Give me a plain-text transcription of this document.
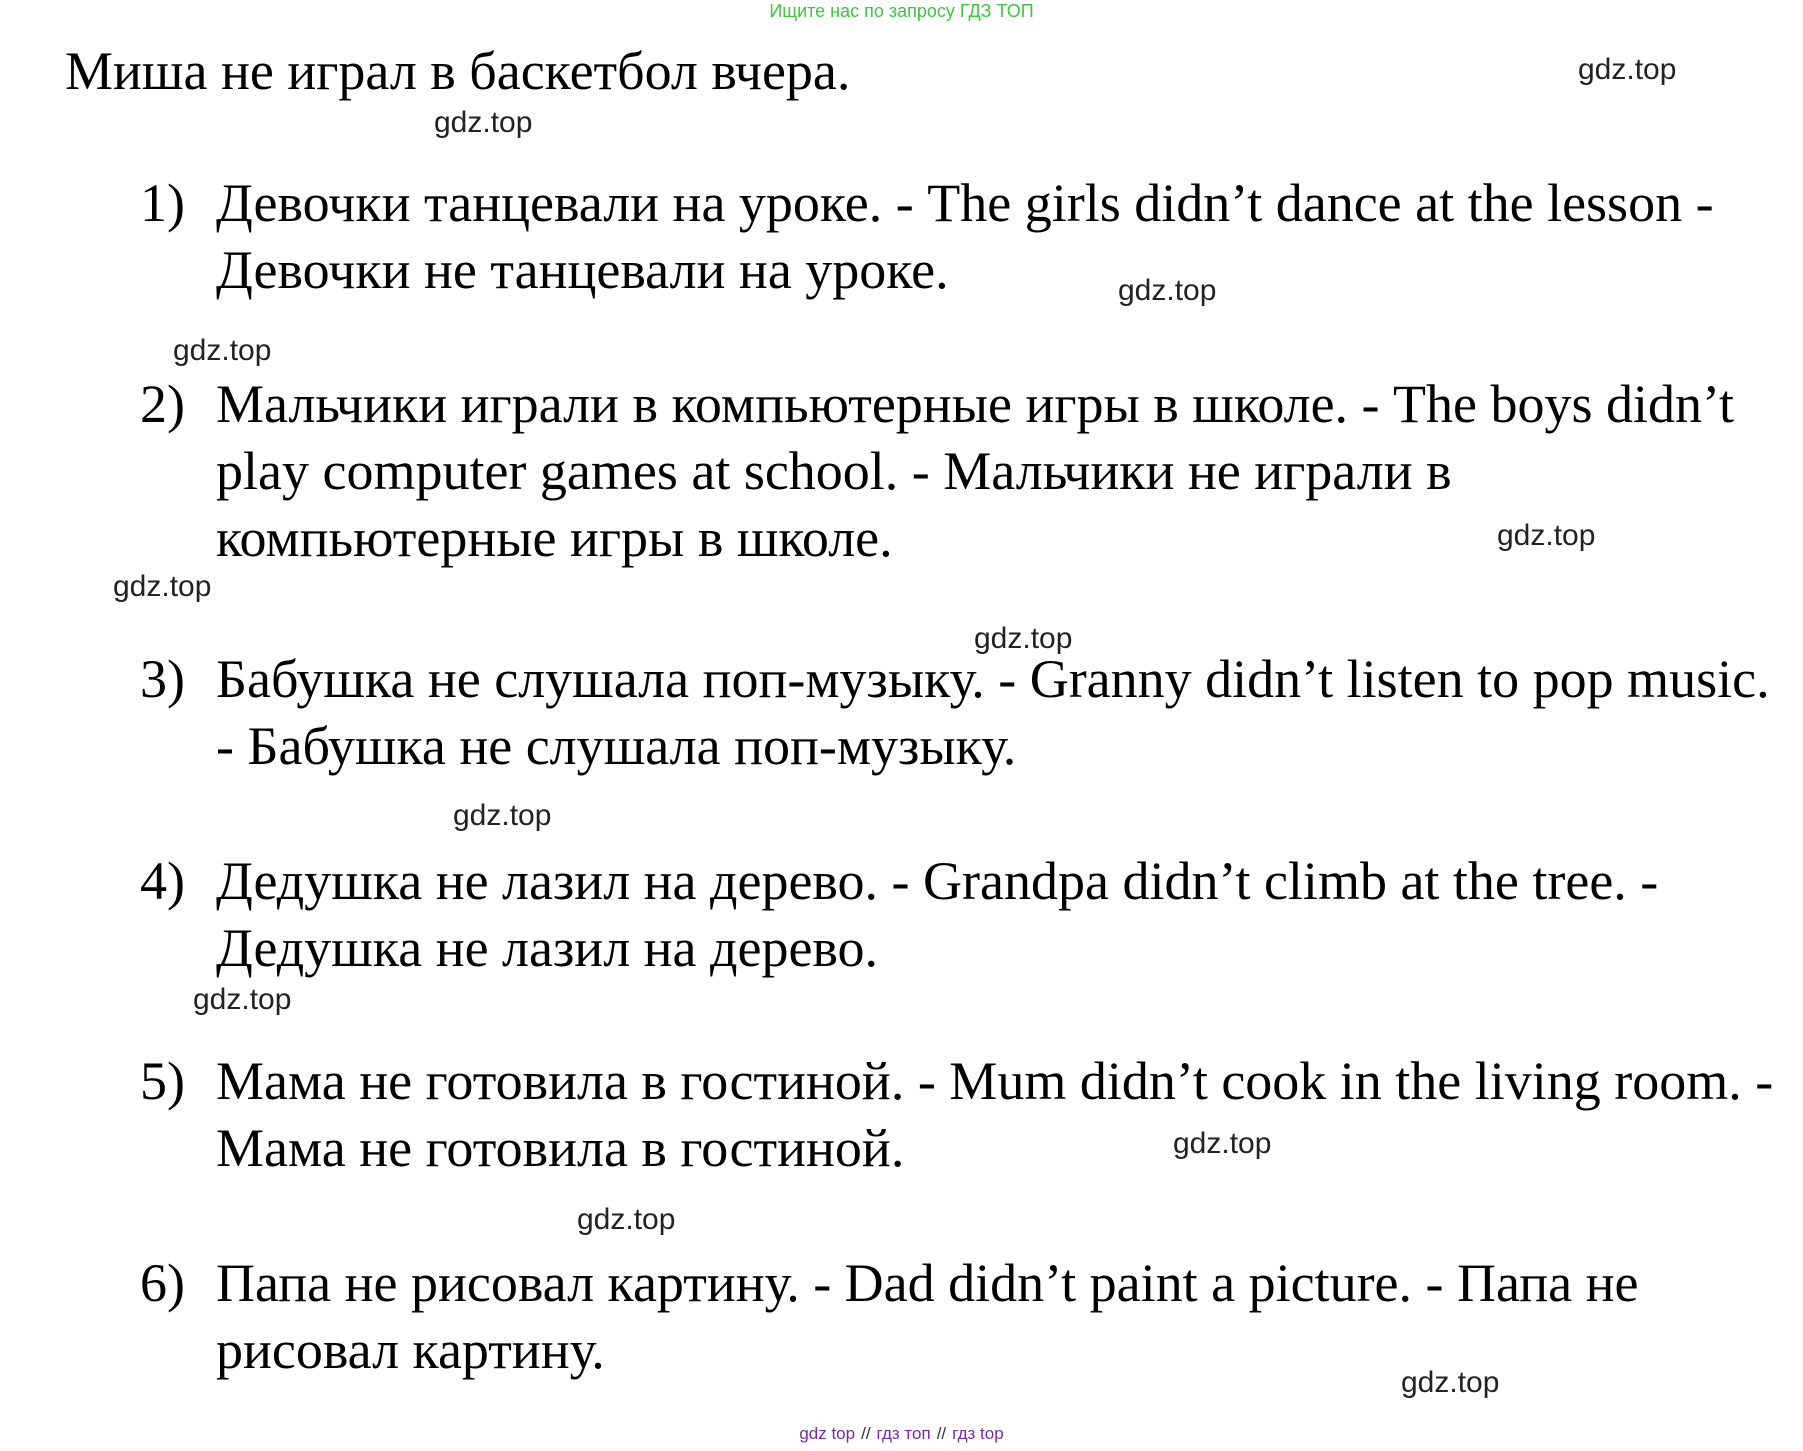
Ищите нас по запросу ГДЗ ТОП
Миша не играл в баскетбол вчера.
1) Девочки танцевали на уроке. - The girls didn’t dance at the lesson - Девочки не танцевали на уроке.
2) Мальчики играли в компьютерные игры в школе. - The boys didn’t play computer games at school. - Мальчики не играли в компьютерные игры в школе.
3) Бабушка не слушала поп-музыку. - Granny didn’t listen to pop music. - Бабушка не слушала поп-музыку.
4) Дедушка не лазил на дерево. - Grandpa didn’t climb at the tree. - Дедушка не лазил на дерево.
5) Мама не готовила в гостиной. - Mum didn’t cook in the living room. - Мама не готовила в гостиной.
6) Папа не рисовал картину. - Dad didn’t paint a picture. - Папа не рисовал картину.
gdz.top
gdz.top
gdz.top
gdz.top
gdz.top
gdz.top
gdz.top
gdz.top
gdz.top
gdz.top
gdz.top
gdz.top
gdz top // гдз топ // гдз top
